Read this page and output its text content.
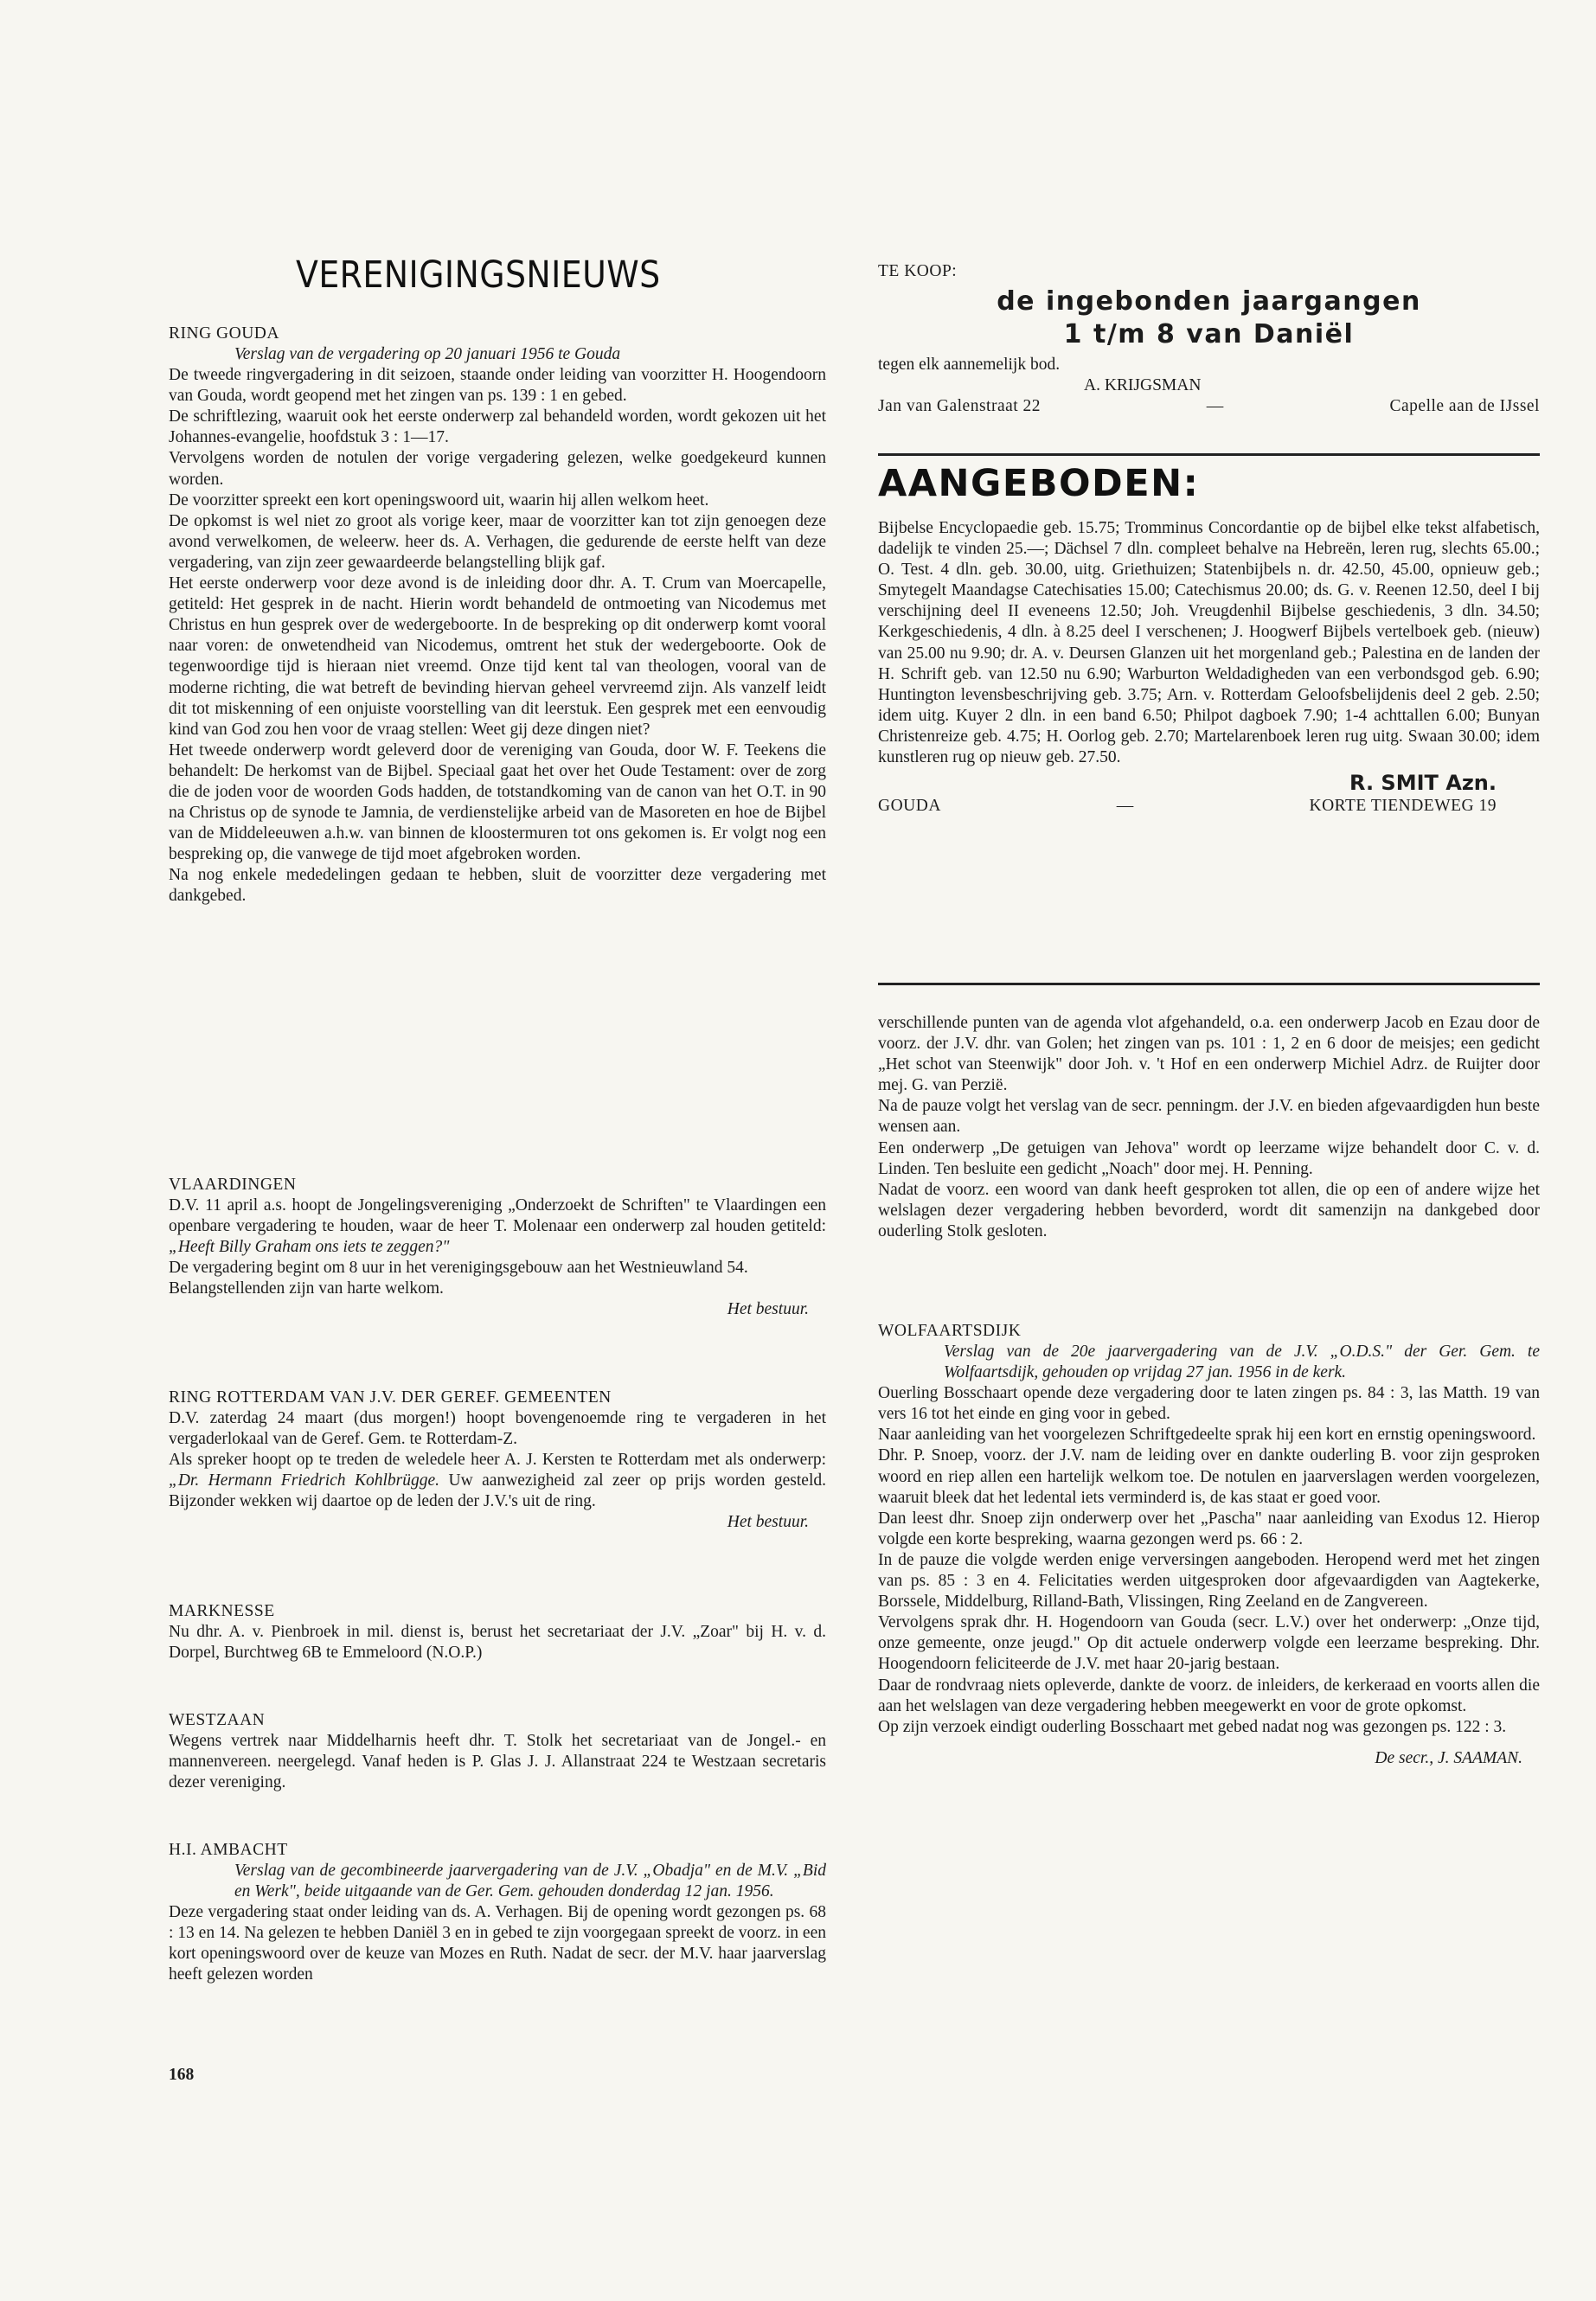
VERENIGINGSNIEUWS

RING GOUDA

Verslag van de vergadering op 20 januari 1956 te Gouda

De tweede ringvergadering in dit seizoen, staande onder leiding van voorzitter H. Hoogendoorn van Gouda, wordt geopend met het zingen van ps. 139 : 1 en gebed.
De schriftlezing, waaruit ook het eerste onderwerp zal behandeld worden, wordt gekozen uit het Johannes-evangelie, hoofdstuk 3 : 1—17.
Vervolgens worden de notulen der vorige vergadering gelezen, welke goedgekeurd kunnen worden.
De voorzitter spreekt een kort openingswoord uit, waarin hij allen welkom heet.
De opkomst is wel niet zo groot als vorige keer, maar de voorzitter kan tot zijn genoegen deze avond verwelkomen, de weleerw. heer ds. A. Verhagen, die gedurende de eerste helft van deze vergadering, van zijn zeer gewaardeerde belangstelling blijk gaf.
Het eerste onderwerp voor deze avond is de inleiding door dhr. A. T. Crum van Moercapelle, getiteld: Het gesprek in de nacht. Hierin wordt behandeld de ontmoeting van Nicodemus met Christus en hun gesprek over de wedergeboorte. In de bespreking op dit onderwerp komt vooral naar voren: de onwetendheid van Nicodemus, omtrent het stuk der wedergeboorte. Ook de tegenwoordige tijd is hieraan niet vreemd. Onze tijd kent tal van theologen, vooral van de moderne richting, die wat betreft de bevinding hiervan geheel vervreemd zijn. Als vanzelf leidt dit tot miskenning of een onjuiste voorstelling van dit leerstuk. Een gesprek met een eenvoudig kind van God zou hen voor de vraag stellen: Weet gij deze dingen niet?
Het tweede onderwerp wordt geleverd door de vereniging van Gouda, door W. F. Teekens die behandelt: De herkomst van de Bijbel. Speciaal gaat het over het Oude Testament: over de zorg die de joden voor de woorden Gods hadden, de totstandkoming van de canon van het O.T. in 90 na Christus op de synode te Jamnia, de verdienstelijke arbeid van de Masoreten en hoe de Bijbel van de Middeleeuwen a.h.w. van binnen de kloostermuren tot ons gekomen is. Er volgt nog een bespreking op, die vanwege de tijd moet afgebroken worden.
Na nog enkele mededelingen gedaan te hebben, sluit de voorzitter deze vergadering met dankgebed.

VLAARDINGEN

D.V. 11 april a.s. hoopt de Jongelingsvereniging „Onderzoekt de Schriften" te Vlaardingen een openbare vergadering te houden, waar de heer T. Molenaar een onderwerp zal houden getiteld: „Heeft Billy Graham ons iets te zeggen?"

De vergadering begint om 8 uur in het verenigingsgebouw aan het Westnieuwland 54.
Belangstellenden zijn van harte welkom.

Het bestuur.

RING ROTTERDAM VAN J.V. DER GEREF. GEMEENTEN

D.V. zaterdag 24 maart (dus morgen!) hoopt bovengenoemde ring te vergaderen in het vergaderlokaal van de Geref. Gem. te Rotterdam-Z.

Als spreker hoopt op te treden de weledele heer A. J. Kersten te Rotterdam met als onderwerp: „Dr. Hermann Friedrich Kohlbrügge. Uw aanwezigheid zal zeer op prijs worden gesteld. Bijzonder wekken wij daartoe op de leden der J.V.'s uit de ring.

Het bestuur.

MARKNESSE

Nu dhr. A. v. Pienbroek in mil. dienst is, berust het secretariaat der J.V. „Zoar" bij H. v. d. Dorpel, Burchtweg 6B te Emmeloord (N.O.P.)

WESTZAAN

Wegens vertrek naar Middelharnis heeft dhr. T. Stolk het secretariaat van de Jongel.- en mannenvereen. neergelegd. Vanaf heden is P. Glas J. J. Allanstraat 224 te Westzaan secretaris dezer vereniging.

H.I. AMBACHT

Verslag van de gecombineerde jaarvergadering van de J.V. „Obadja" en de M.V. „Bid en Werk", beide uitgaande van de Ger. Gem. gehouden donderdag 12 jan. 1956.

Deze vergadering staat onder leiding van ds. A. Verhagen. Bij de opening wordt gezongen ps. 68 : 13 en 14. Na gelezen te hebben Daniël 3 en in gebed te zijn voorgegaan spreekt de voorz. in een kort openingswoord over de keuze van Mozes en Ruth. Nadat de secr. der M.V. haar jaarverslag heeft gelezen worden

168

TE KOOP:

de ingebonden jaargangen

1 t/m 8 van Daniël

tegen elk aannemelijk bod.

A. KRIJGSMAN

Jan van Galenstraat 22	—	Capelle aan de IJssel
AANGEBODEN:

Bijbelse Encyclopaedie geb. 15.75; Tromminus Concordantie op de bijbel elke tekst alfabetisch, dadelijk te vinden 25.—; Dächsel 7 dln. compleet behalve na Hebreën, leren rug, slechts 65.00.; O. Test. 4 dln. geb. 30.00, uitg. Griethuizen; Statenbijbels n. dr. 42.50, 45.00, opnieuw geb.; Smytegelt Maandagse Catechisaties 15.00; Catechismus 20.00; ds. G. v. Reenen 12.50, deel I bij verschijning deel II eveneens 12.50; Joh. Vreugdenhil Bijbelse geschiedenis, 3 dln. 34.50; Kerkgeschiedenis, 4 dln. à 8.25 deel I verschenen; J. Hoogwerf Bijbels vertelboek geb. (nieuw) van 25.00 nu 9.90; dr. A. v. Deursen Glanzen uit het morgenland geb.; Palestina en de landen der H. Schrift geb. van 12.50 nu 6.90; Warburton Weldadigheden van een verbondsgod geb. 6.90; Huntington levensbeschrijving geb. 3.75; Arn. v. Rotterdam Geloofsbelijdenis deel 2 geb. 2.50; idem uitg. Kuyer 2 dln. in een band 6.50; Philpot dagboek 7.90; 1-4 achttallen 6.00; Bunyan Christenreize geb. 4.75; H. Oorlog geb. 2.70; Martelarenboek leren rug uitg. Swaan 30.00; idem kunstleren rug op nieuw geb. 27.50.

R. SMIT Azn.

GOUDA	—	KORTE TIENDEWEG 19

verschillende punten van de agenda vlot afgehandeld, o.a. een onderwerp Jacob en Ezau door de voorz. der J.V. dhr. van Golen; het zingen van ps. 101 : 1, 2 en 6 door de meisjes; een gedicht „Het schot van Steenwijk" door Joh. v. 't Hof en een onderwerp Michiel Adrz. de Ruijter door mej. G. van Perzië.
Na de pauze volgt het verslag van de secr. penningm. der J.V. en bieden afgevaardigden hun beste wensen aan.
Een onderwerp „De getuigen van Jehova" wordt op leerzame wijze behandelt door C. v. d. Linden. Ten besluite een gedicht „Noach" door mej. H. Penning.
Nadat de voorz. een woord van dank heeft gesproken tot allen, die op een of andere wijze het welslagen dezer vergadering hebben bevorderd, wordt dit samenzijn na dankgebed door ouderling Stolk gesloten.

WOLFAARTSDIJK

Verslag van de 20e jaarvergadering van de J.V. „O.D.S." der Ger. Gem. te Wolfaartsdijk, gehouden op vrijdag 27 jan. 1956 in de kerk.

Ouerling Bosschaart opende deze vergadering door te laten zingen ps. 84 : 3, las Matth. 19 van vers 16 tot het einde en ging voor in gebed.
Naar aanleiding van het voorgelezen Schriftgedeelte sprak hij een kort en ernstig openingswoord.
Dhr. P. Snoep, voorz. der J.V. nam de leiding over en dankte ouderling B. voor zijn gesproken woord en riep allen een hartelijk welkom toe. De notulen en jaarverslagen werden voorgelezen, waaruit bleek dat het ledental iets verminderd is, de kas staat er goed voor.
Dan leest dhr. Snoep zijn onderwerp over het „Pascha" naar aanleiding van Exodus 12. Hierop volgde een korte bespreking, waarna gezongen werd ps. 66 : 2.
In de pauze die volgde werden enige verversingen aangeboden. Heropend werd met het zingen van ps. 85 : 3 en 4. Felicitaties werden uitgesproken door afgevaardigden van Aagtekerke, Borssele, Middelburg, Rilland-Bath, Vlissingen, Ring Zeeland en de Zangvereen.
Vervolgens sprak dhr. H. Hogendoorn van Gouda (secr. L.V.) over het onderwerp: „Onze tijd, onze gemeente, onze jeugd." Op dit actuele onderwerp volgde een leerzame bespreking. Dhr. Hoogendoorn feliciteerde de J.V. met haar 20-jarig bestaan.
Daar de rondvraag niets opleverde, dankte de voorz. de inleiders, de kerkeraad en voorts allen die aan het welslagen van deze vergadering hebben meegewerkt en voor de grote opkomst.
Op zijn verzoek eindigt ouderling Bosschaart met gebed nadat nog was gezongen ps. 122 : 3.

De secr., J. SAAMAN.
